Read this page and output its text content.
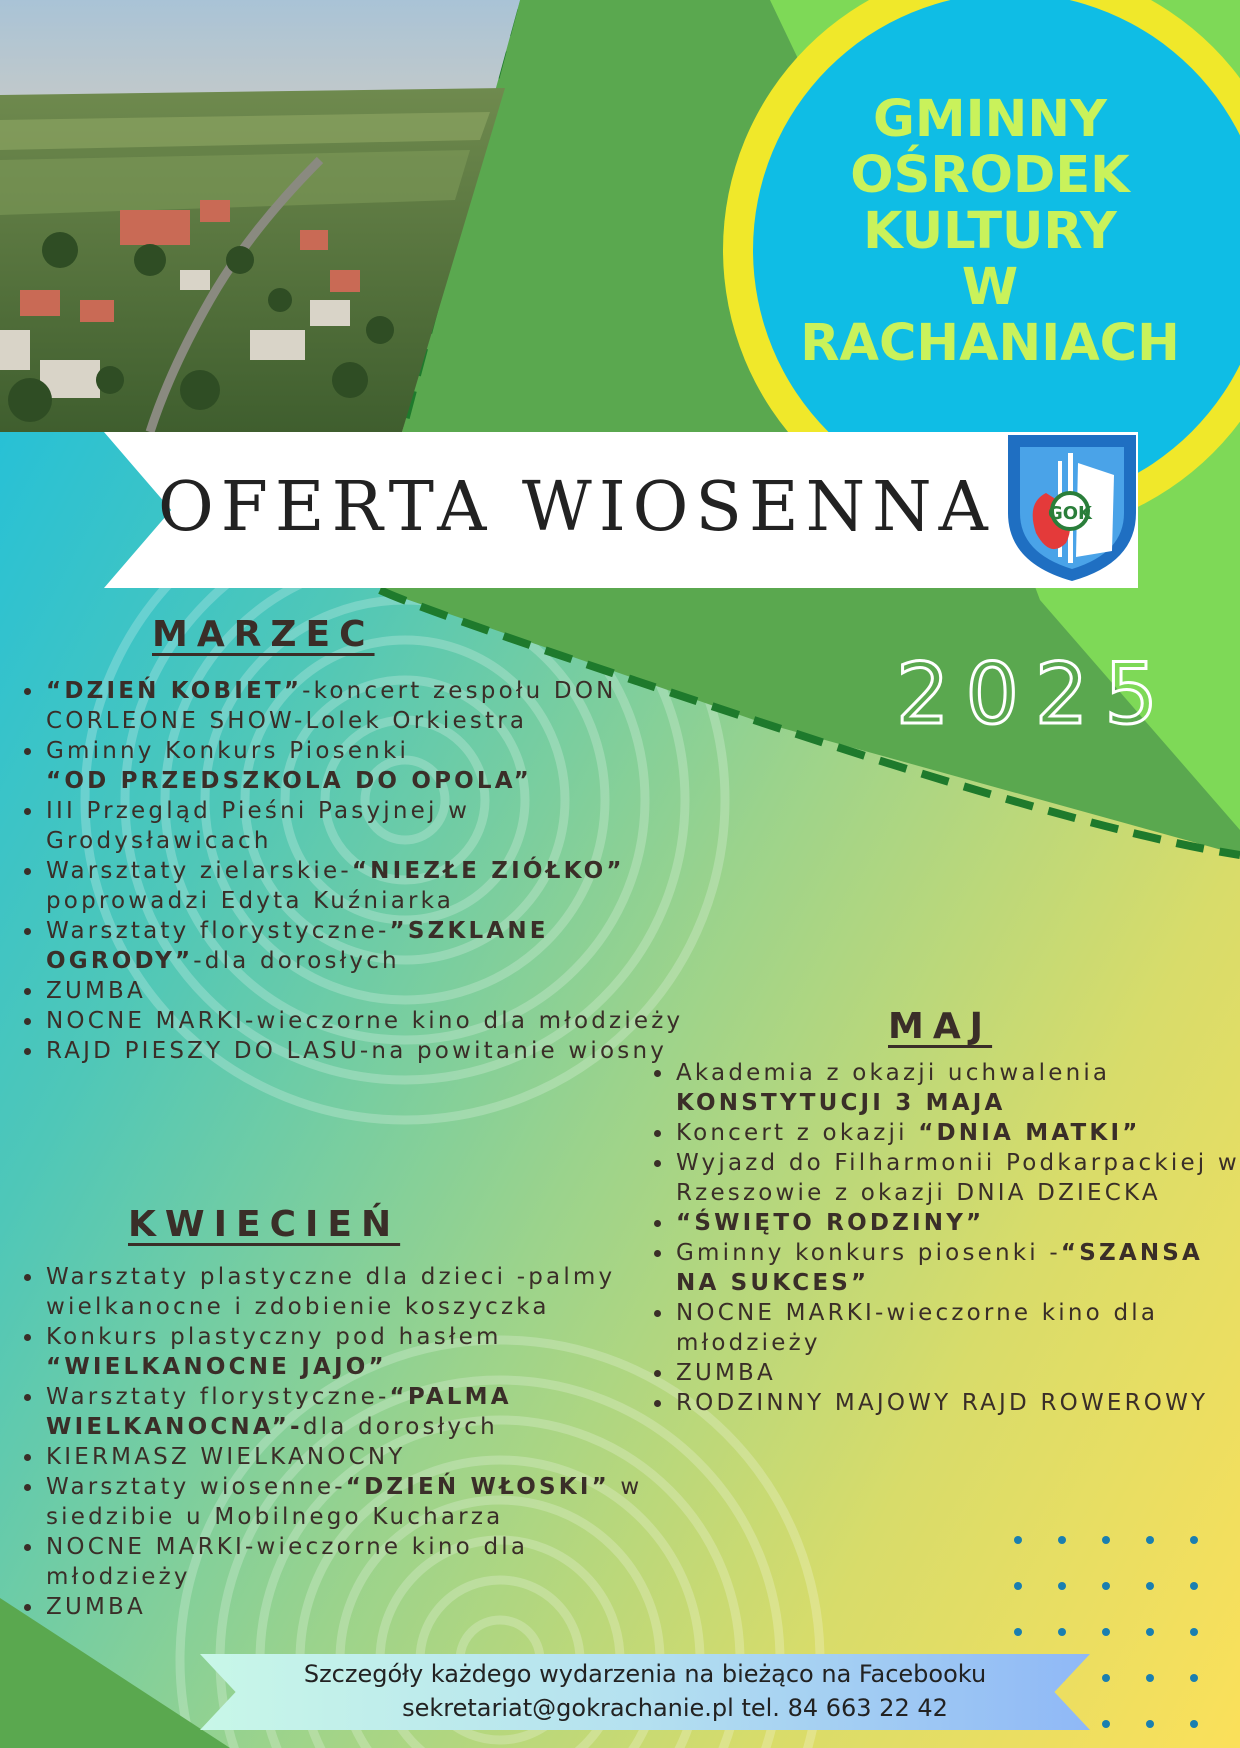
GMINNY
OŚRODEK
KULTURY
W
RACHANIACH
OFERTA WIOSENNA	GOK
2025
MARZEC
• “DZIEŃ KOBIET”-koncert zespołu DON CORLEONE SHOW-Lolek Orkiestra
• Gminny Konkurs Piosenki
“OD PRZEDSZKOLA DO OPOLA”
• III Przegląd Pieśni Pasyjnej w Grodysławicach
• Warsztaty zielarskie-“NIEZŁE ZIÓŁKO” poprowadzi Edyta Kuźniarka
• Warsztaty florystyczne-”SZKLANE OGRODY”-dla dorosłych
• ZUMBA
• NOCNE MARKI-wieczorne kino dla młodzieży
• RAJD PIESZY DO LASU-na powitanie wiosny
KWIECIEŃ
• Warsztaty plastyczne dla dzieci -palmy wielkanocne i zdobienie koszyczka
• Konkurs plastyczny pod hasłem
“WIELKANOCNE JAJO”
• Warsztaty florystyczne-“PALMA WIELKANOCNA”-dla dorosłych
• KIERMASZ WIELKANOCNY
• Warsztaty wiosenne-“DZIEŃ WŁOSKI” w siedzibie u Mobilnego Kucharza
• NOCNE MARKI-wieczorne kino dla młodzieży
• ZUMBA
MAJ
• Akademia z okazji uchwalenia
KONSTYTUCJI 3 MAJA
• Koncert z okazji “DNIA MATKI”
• Wyjazd do Filharmonii Podkarpackiej w Rzeszowie z okazji DNIA DZIECKA
• “ŚWIĘTO RODZINY”
• Gminny konkurs piosenki -“SZANSA NA SUKCES”
• NOCNE MARKI-wieczorne kino dla młodzieży
• ZUMBA
• RODZINNY MAJOWY RAJD ROWEROWY
Szczegóły każdego wydarzenia na bieżąco na Facebooku
sekretariat@gokrachanie.pl tel. 84 663 22 42
